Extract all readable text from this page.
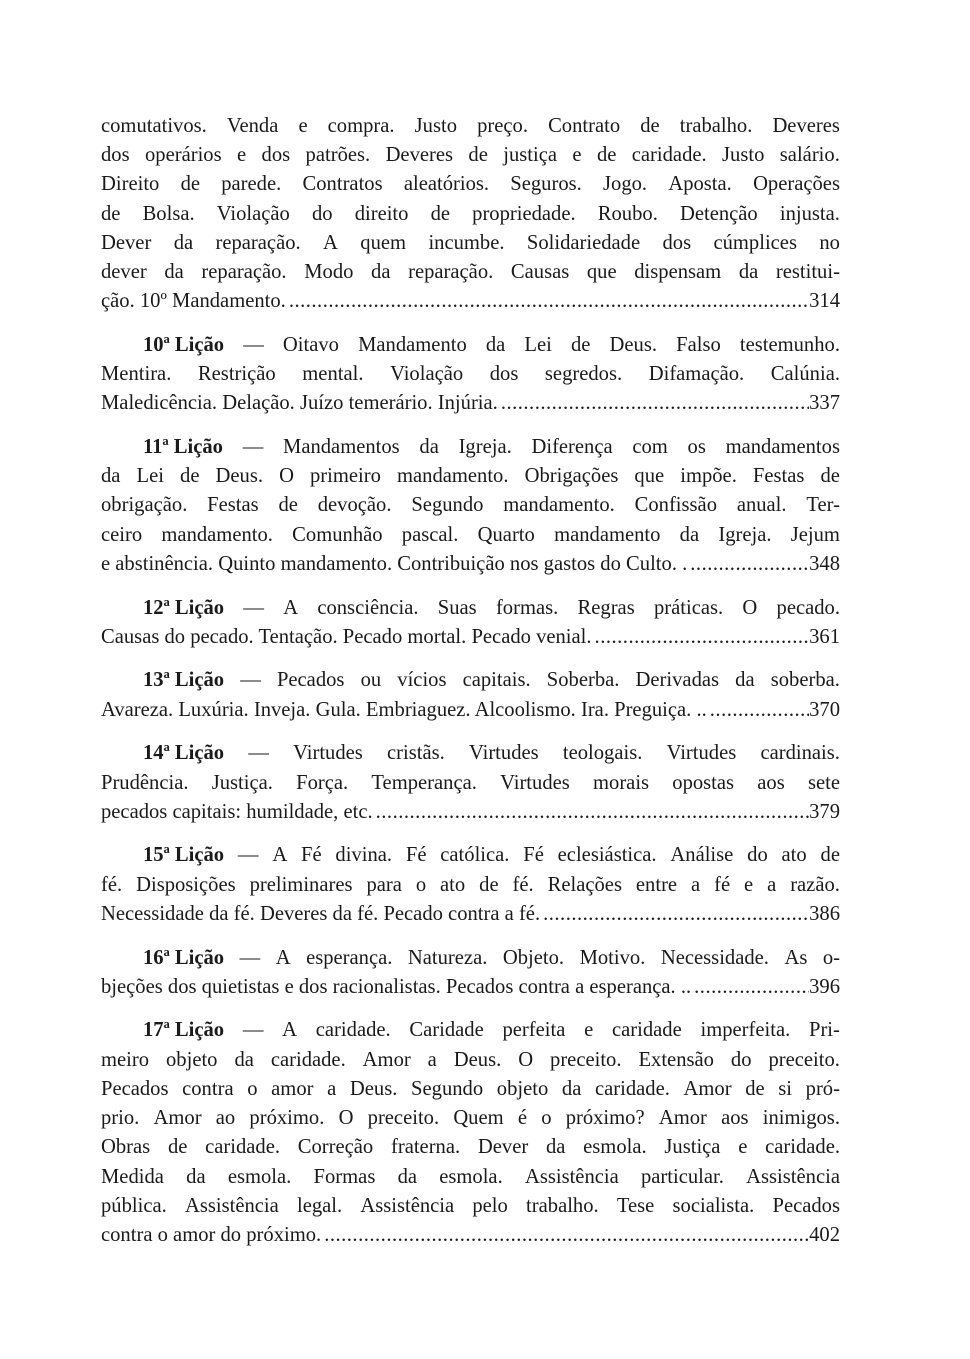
comutativos. Venda e compra. Justo preço. Contrato de trabalho. Deveres
dos operários e dos patrões. Deveres de justiça e de caridade. Justo salário.
Direito de parede. Contratos aleatórios. Seguros. Jogo. Aposta. Operações
de Bolsa. Violação do direito de propriedade. Roubo. Detenção injusta.
Dever da reparação. A quem incumbe. Solidariedade dos cúmplices no
dever da reparação. Modo da reparação. Causas que dispensam da restitui-
ção. 10º Mandamento. .....	314
10ª Lição — Oitavo Mandamento da Lei de Deus. Falso testemunho.
Mentira. Restrição mental. Violação dos segredos. Difamação. Calúnia.
Maledicência. Delação. Juízo temerário. Injúria. .....	337
11ª Lição — Mandamentos da Igreja. Diferença com os mandamentos
da Lei de Deus. O primeiro mandamento. Obrigações que impõe. Festas de
obrigação. Festas de devoção. Segundo mandamento. Confissão anual. Ter-
ceiro mandamento. Comunhão pascal. Quarto mandamento da Igreja. Jejum
e abstinência. Quinto mandamento. Contribuição nos gastos do Culto. . .....	348
12ª Lição — A consciência. Suas formas. Regras práticas. O pecado.
Causas do pecado. Tentação. Pecado mortal. Pecado venial. .....	361
13ª Lição — Pecados ou vícios capitais. Soberba. Derivadas da soberba.
Avareza. Luxúria. Inveja. Gula. Embriaguez. Alcoolismo. Ira. Preguiça. .. .....	370
14ª Lição — Virtudes cristãs. Virtudes teologais. Virtudes cardinais.
Prudência. Justiça. Força. Temperança. Virtudes morais opostas aos sete
pecados capitais: humildade, etc. .....	379
15ª Lição — A Fé divina. Fé católica. Fé eclesiástica. Análise do ato de
fé. Disposições preliminares para o ato de fé. Relações entre a fé e a razão.
Necessidade da fé. Deveres da fé. Pecado contra a fé. .....	386
16ª Lição — A esperança. Natureza. Objeto. Motivo. Necessidade. As o-
bjeções dos quietistas e dos racionalistas. Pecados contra a esperança. .. .....	396
17ª Lição — A caridade. Caridade perfeita e caridade imperfeita. Pri-
meiro objeto da caridade. Amor a Deus. O preceito. Extensão do preceito.
Pecados contra o amor a Deus. Segundo objeto da caridade. Amor de si pró-
prio. Amor ao próximo. O preceito. Quem é o próximo? Amor aos inimigos.
Obras de caridade. Correção fraterna. Dever da esmola. Justiça e caridade.
Medida da esmola. Formas da esmola. Assistência particular. Assistência
pública. Assistência legal. Assistência pelo trabalho. Tese socialista. Pecados
contra o amor do próximo. .....	402
